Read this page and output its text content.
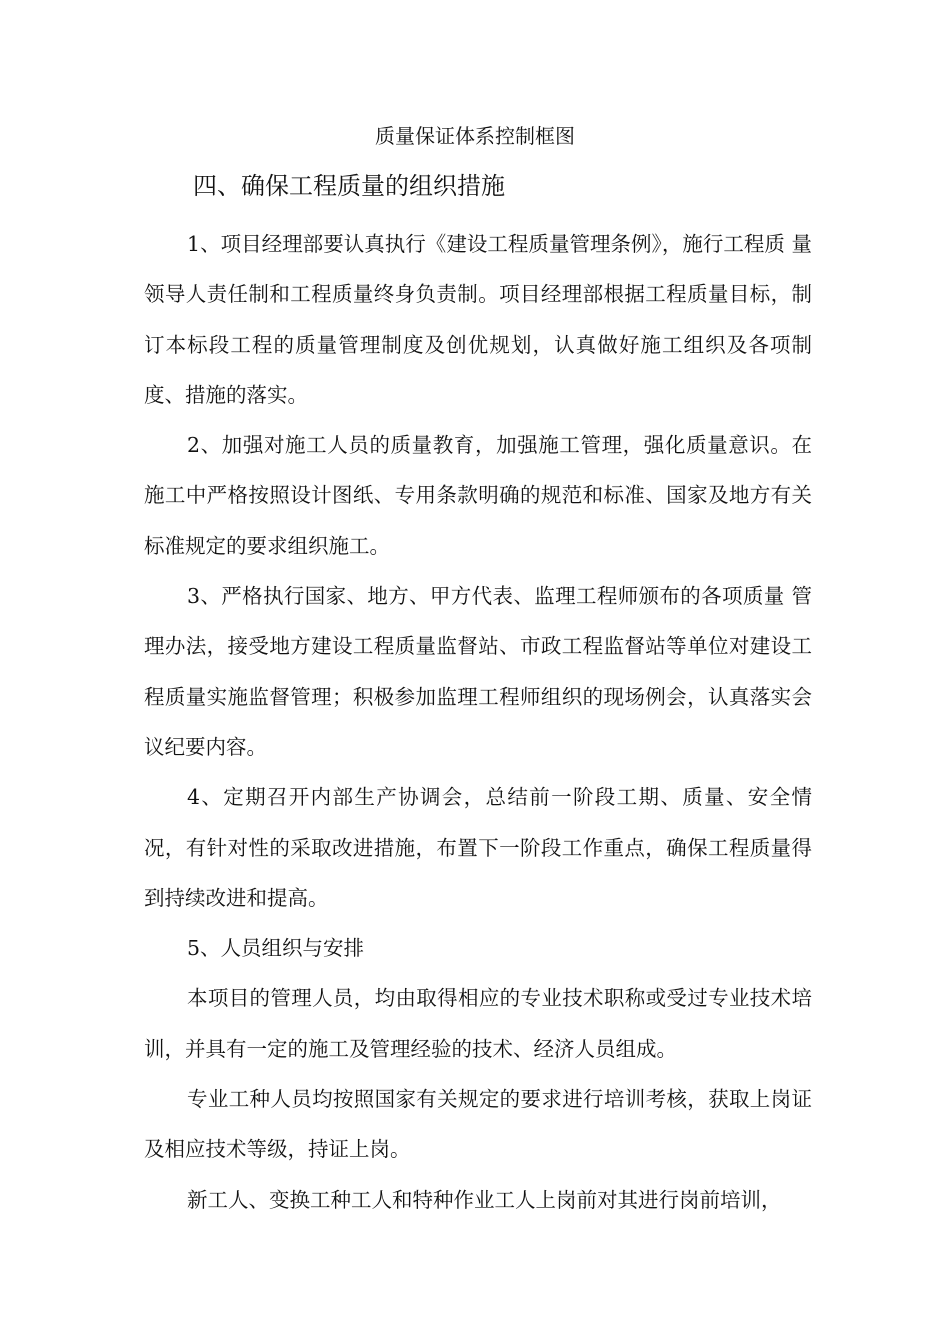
质量保证体系控制框图
四、确保工程质量的组织措施

1、项目经理部要认真执行《建设工程质量管理条例》，施行工程质 量领导人责任制和工程质量终身负责制。项目经理部根据工程质量目标，制订本标段工程的质量管理制度及创优规划，认真做好施工组织及各项制度、措施的落实。

2、加强对施工人员的质量教育，加强施工管理，强化质量意识。在施工中严格按照设计图纸、专用条款明确的规范和标准、国家及地方有关标准规定的要求组织施工。

3、严格执行国家、地方、甲方代表、监理工程师颁布的各项质量 管理办法，接受地方建设工程质量监督站、市政工程监督站等单位对建设工程质量实施监督管理；积极参加监理工程师组织的现场例会，认真落实会议纪要内容。

4、定期召开内部生产协调会，总结前一阶段工期、质量、安全情况，有针对性的采取改进措施，布置下一阶段工作重点，确保工程质量得到持续改进和提高。

5、人员组织与安排

本项目的管理人员，均由取得相应的专业技术职称或受过专业技术培训，并具有一定的施工及管理经验的技术、经济人员组成。

专业工种人员均按照国家有关规定的要求进行培训考核，获取上岗证及相应技术等级，持证上岗。

新工人、变换工种工人和特种作业工人上岗前对其进行岗前培训，
